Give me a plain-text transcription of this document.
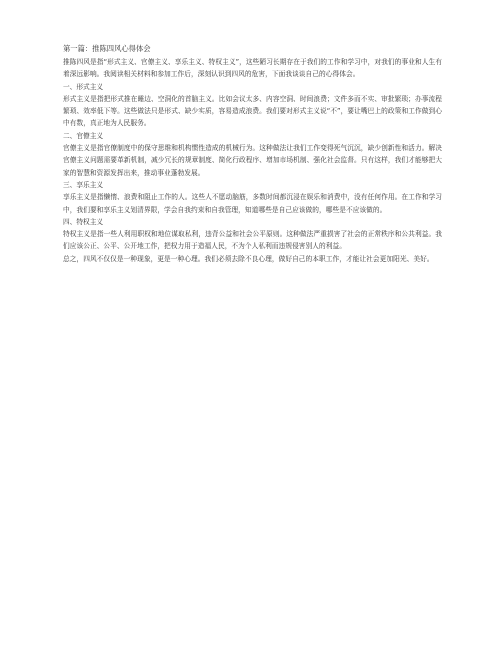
第一篇：推陈四风心得体会

推陈四风是指“形式主义、官僚主义、享乐主义、特权主义”，这些陋习长期存在于我们的工作和学习中，对我们的事业和人生有着深远影响。我阅读相关材料和参加工作后，深刻认识到四风的危害，下面我谈谈自己的心得体会。

一、形式主义

形式主义是指把形式推在睡边、空洞化的首脑主义。比如会议太多、内容空洞、时间浪费；文件多而不实、审批繁琐；办事流程繁琐、效率低下等。这些做法只是形式、缺少实质，容易造成浪费。我们要对形式主义说“不”，要让嘴巴上的政策和工作做到心中有数，真正地为人民服务。

二、官僚主义

官僚主义是指官僚制度中的保守思维和机构惯性造成的机械行为。这种做法让我们工作变得死气沉沉，缺少创新性和活力。解决官僚主义问题需要革新机制，减少冗长的规章制度、简化行政程序、增加市场机制、强化社会监督。只有这样，我们才能够把大家的智慧和资源发挥出来，推动事业蓬勃发展。

三、享乐主义

享乐主义是指懒惰、浪费和阻止工作的人。这些人不愿动脑筋，多数时间都沉浸在娱乐和消费中，没有任何作用。在工作和学习中，我们要和享乐主义划清界限，学会自我约束和自我管理，知道哪些是自己应该做的，哪些是不应该做的。

四、特权主义

特权主义是指一些人利用职权和地位谋取私利，违背公益和社会公平原则。这种做法严重损害了社会的正常秩序和公共利益。我们应该公正、公平、公开地工作，把权力用于造福人民，不为个人私利而违规侵害别人的利益。

总之，四风不仅仅是一种现象，更是一种心理。我们必须去除不良心理，做好自己的本职工作，才能让社会更加阳光、美好。
